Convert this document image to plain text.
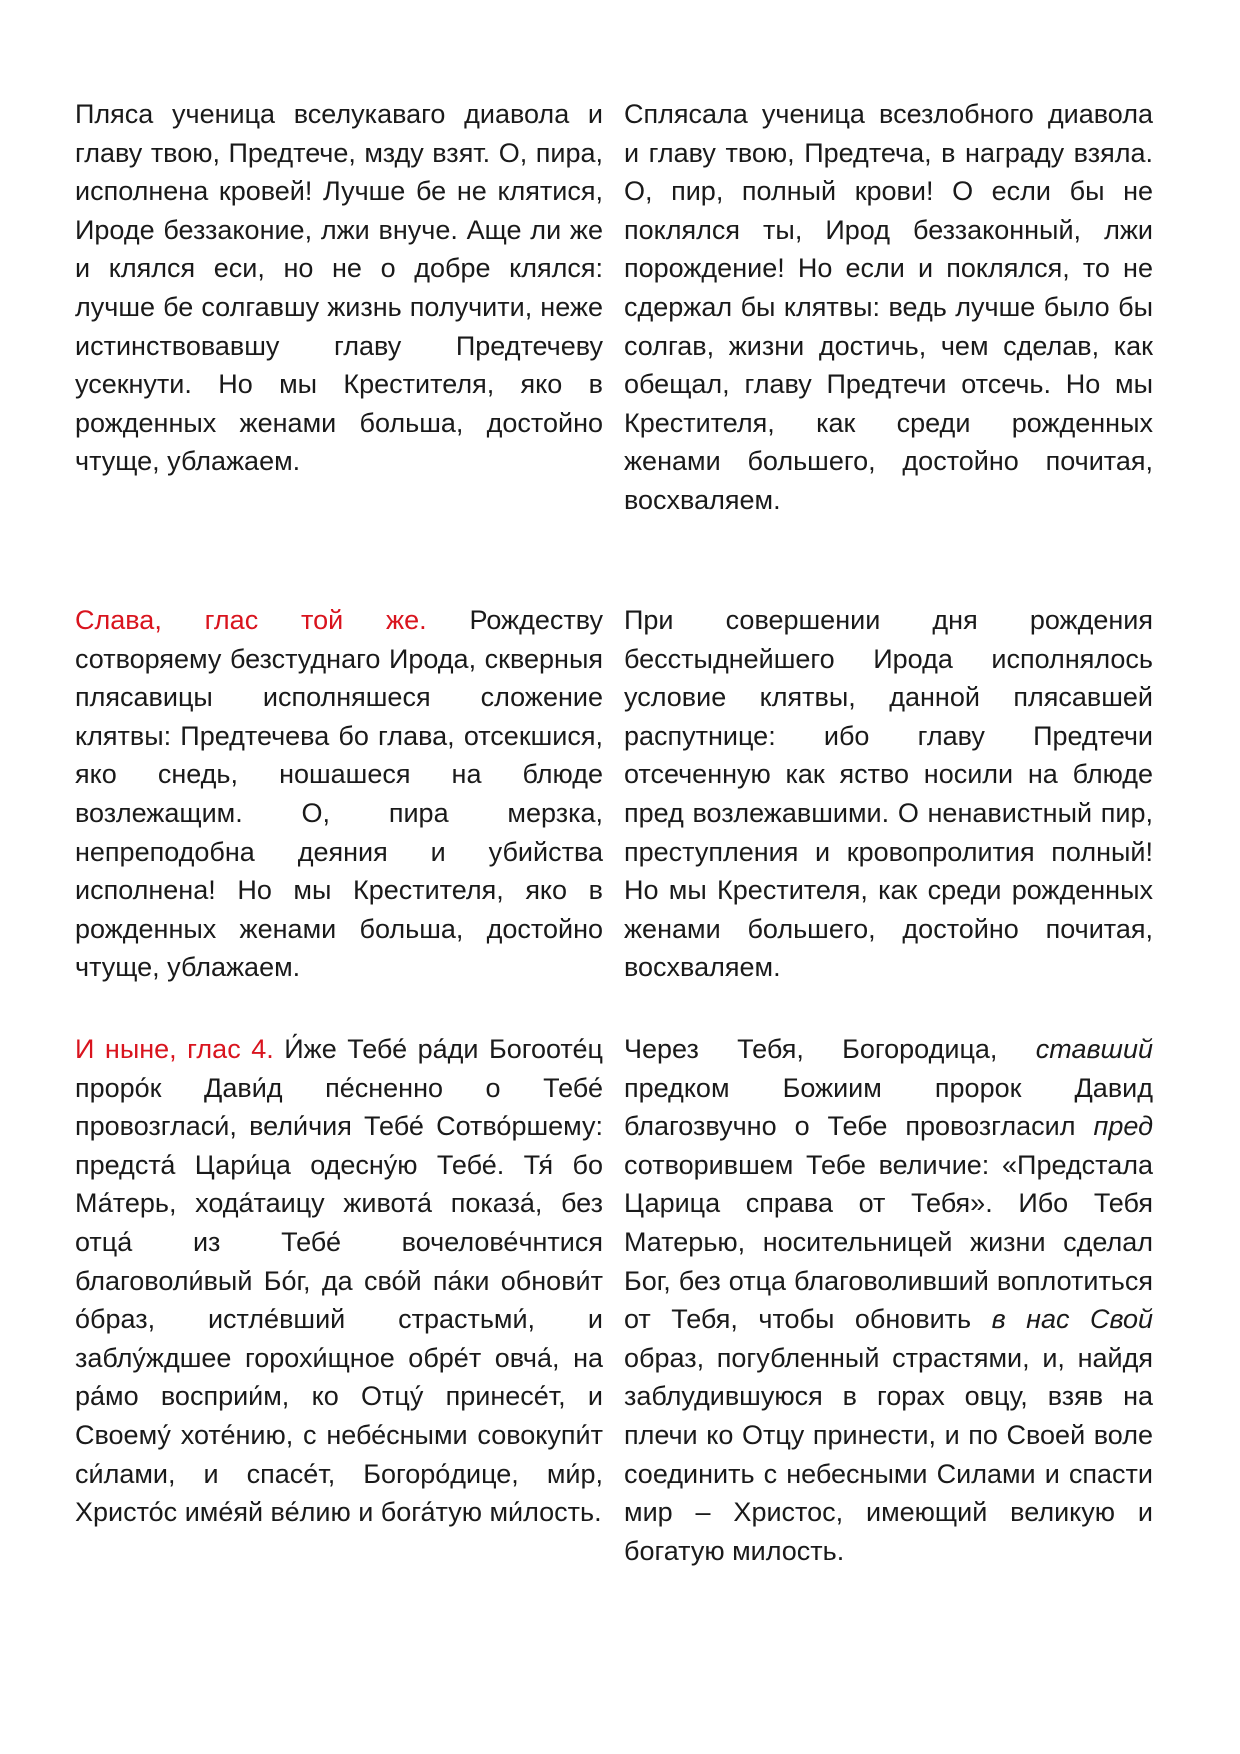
Пляса ученица вселукаваго диавола и главу твою, Предтече, мзду взят. О, пира, исполнена кровей! Лучше бе не клятися, Ироде беззаконие, лжи внуче. Аще ли же и клялся еси, но не о добре клялся: лучше бе солгавшу жизнь получити, неже истинствовавшу главу Предтечеву усекнути. Но мы Крестителя, яко в рожденных женами больша, достойно чтуще, ублажаем.

Сплясала ученица всезлобного диавола и главу твою, Предтеча, в награду взяла. О, пир, полный крови! О если бы не поклялся ты, Ирод беззаконный, лжи порождение! Но если и поклялся, то не сдержал бы клятвы: ведь лучше было бы солгав, жизни достичь, чем сделав, как обещал, главу Предтечи отсечь. Но мы Крестителя, как среди рожденных женами большего, достойно почитая, восхваляем.

Слава, глас той же. Рождеству сотворяему безстуднаго Ирода, скверныя плясавицы исполняшеся сложение клятвы: Предтечева бо глава, отсекшися, яко снедь, ношашеся на блюде возлежащим. О, пира мерзка, непреподобна деяния и убийства исполнена! Но мы Крестителя, яко в рожденных женами больша, достойно чтуще, ублажаем.

При совершении дня рождения бесстыднейшего Ирода исполнялось условие клятвы, данной плясавшей распутнице: ибо главу Предтечи отсеченную как яство носили на блюде пред возлежавшими. О ненавистный пир, преступления и кровопролития полный! Но мы Крестителя, как среди рожденных женами большего, достойно почитая, восхваляем.

И ныне, глас 4. И́же Тебе́ ра́ди Богооте́ц проро́к Дави́д пе́сненно о Тебе́ провозгласи́, вели́чия Тебе́ Сотво́ршему: предста́ Цари́ца одесну́ю Тебе́. Тя́ бо Ма́терь, хода́таицу живота́ показа́, без отца́ из Тебе́ вочелове́чнтися благоволи́вый Бо́г, да сво́й па́ки обнови́т о́браз, истле́вший страстьми́, и заблу́ждшее горохи́щное обре́т овча́, на ра́мо восприи́м, ко Отцу́ принесе́т, и Своему́ хоте́нию, с небе́сными совокупи́т си́лами, и спасе́т, Богоро́дице, ми́р, Христо́с име́яй ве́лию и бога́тую ми́лость.

Через Тебя, Богородица, ставший предком Божиим пророк Давид благозвучно о Тебе провозгласил пред сотворившем Тебе величие: «Предстала Царица справа от Тебя». Ибо Тебя Матерью, носительницей жизни сделал Бог, без отца благоволивший воплотиться от Тебя, чтобы обновить в нас Свой образ, погубленный страстями, и, найдя заблудившуюся в горах овцу, взяв на плечи ко Отцу принести, и по Своей воле соединить с небесными Силами и спасти мир – Христос, имеющий великую и богатую милость.
